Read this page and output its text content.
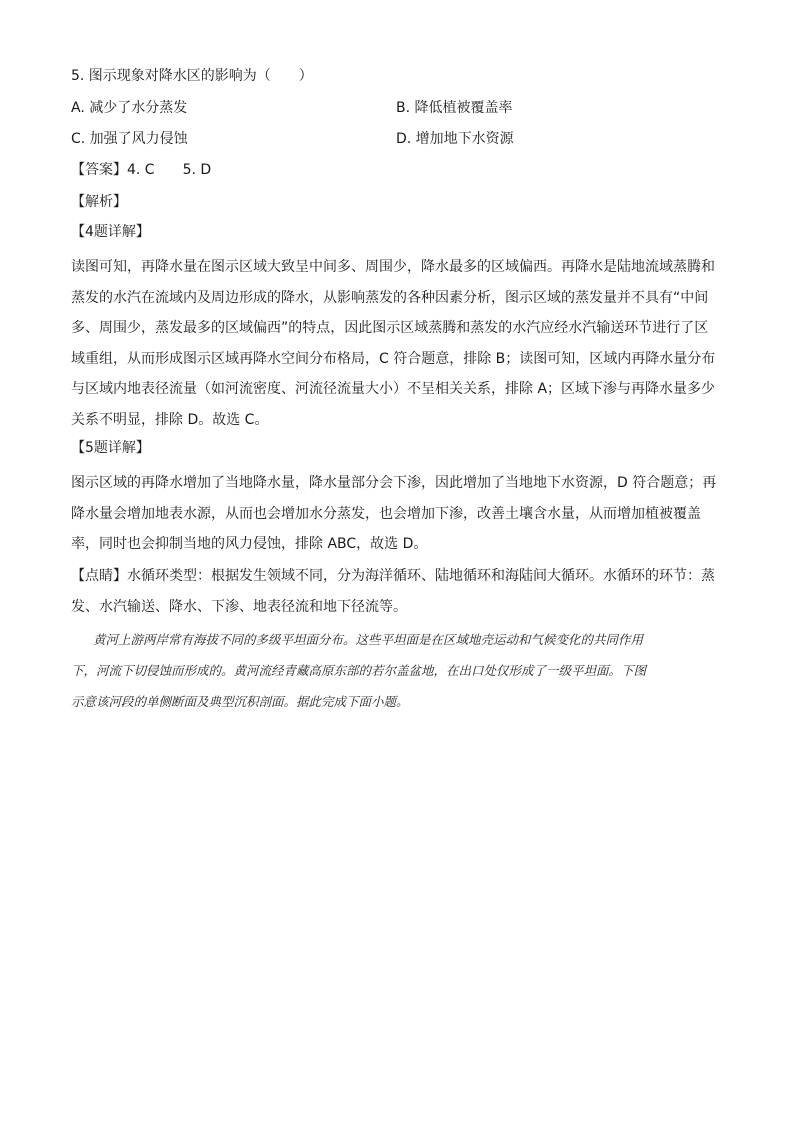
5. 图示现象对降水区的影响为（　　）
A. 减少了水分蒸发	B. 降低植被覆盖率
C. 加强了风力侵蚀	D. 增加地下水资源
【答案】4. C　　5. D
【解析】
【4题详解】
读图可知，再降水量在图示区域大致呈中间多、周围少，降水最多的区域偏西。再降水是陆地流域蒸腾和
蒸发的水汽在流域内及周边形成的降水，从影响蒸发的各种因素分析，图示区域的蒸发量并不具有“中间
多、周围少，蒸发最多的区域偏西”的特点，因此图示区域蒸腾和蒸发的水汽应经水汽输送环节进行了区
域重组，从而形成图示区域再降水空间分布格局，C 符合题意，排除 B；读图可知，区域内再降水量分布
与区域内地表径流量（如河流密度、河流径流量大小）不呈相关关系，排除 A；区域下渗与再降水量多少
关系不明显，排除 D。故选 C。
【5题详解】
图示区域的再降水增加了当地降水量，降水量部分会下渗，因此增加了当地地下水资源，D 符合题意；再
降水量会增加地表水源，从而也会增加水分蒸发，也会增加下渗，改善土壤含水量，从而增加植被覆盖
率，同时也会抑制当地的风力侵蚀，排除 ABC，故选 D。
【点睛】水循环类型：根据发生领域不同，分为海洋循环、陆地循环和海陆间大循环。水循环的环节：蒸
发、水汽输送、降水、下渗、地表径流和地下径流等。
黄河上游两岸常有海拔不同的多级平坦面分布。这些平坦面是在区域地壳运动和气候变化的共同作用
下，河流下切侵蚀而形成的。黄河流经青藏高原东部的若尔盖盆地，在出口处仅形成了一级平坦面。下图
示意该河段的单侧断面及典型沉积剖面。据此完成下面小题。
